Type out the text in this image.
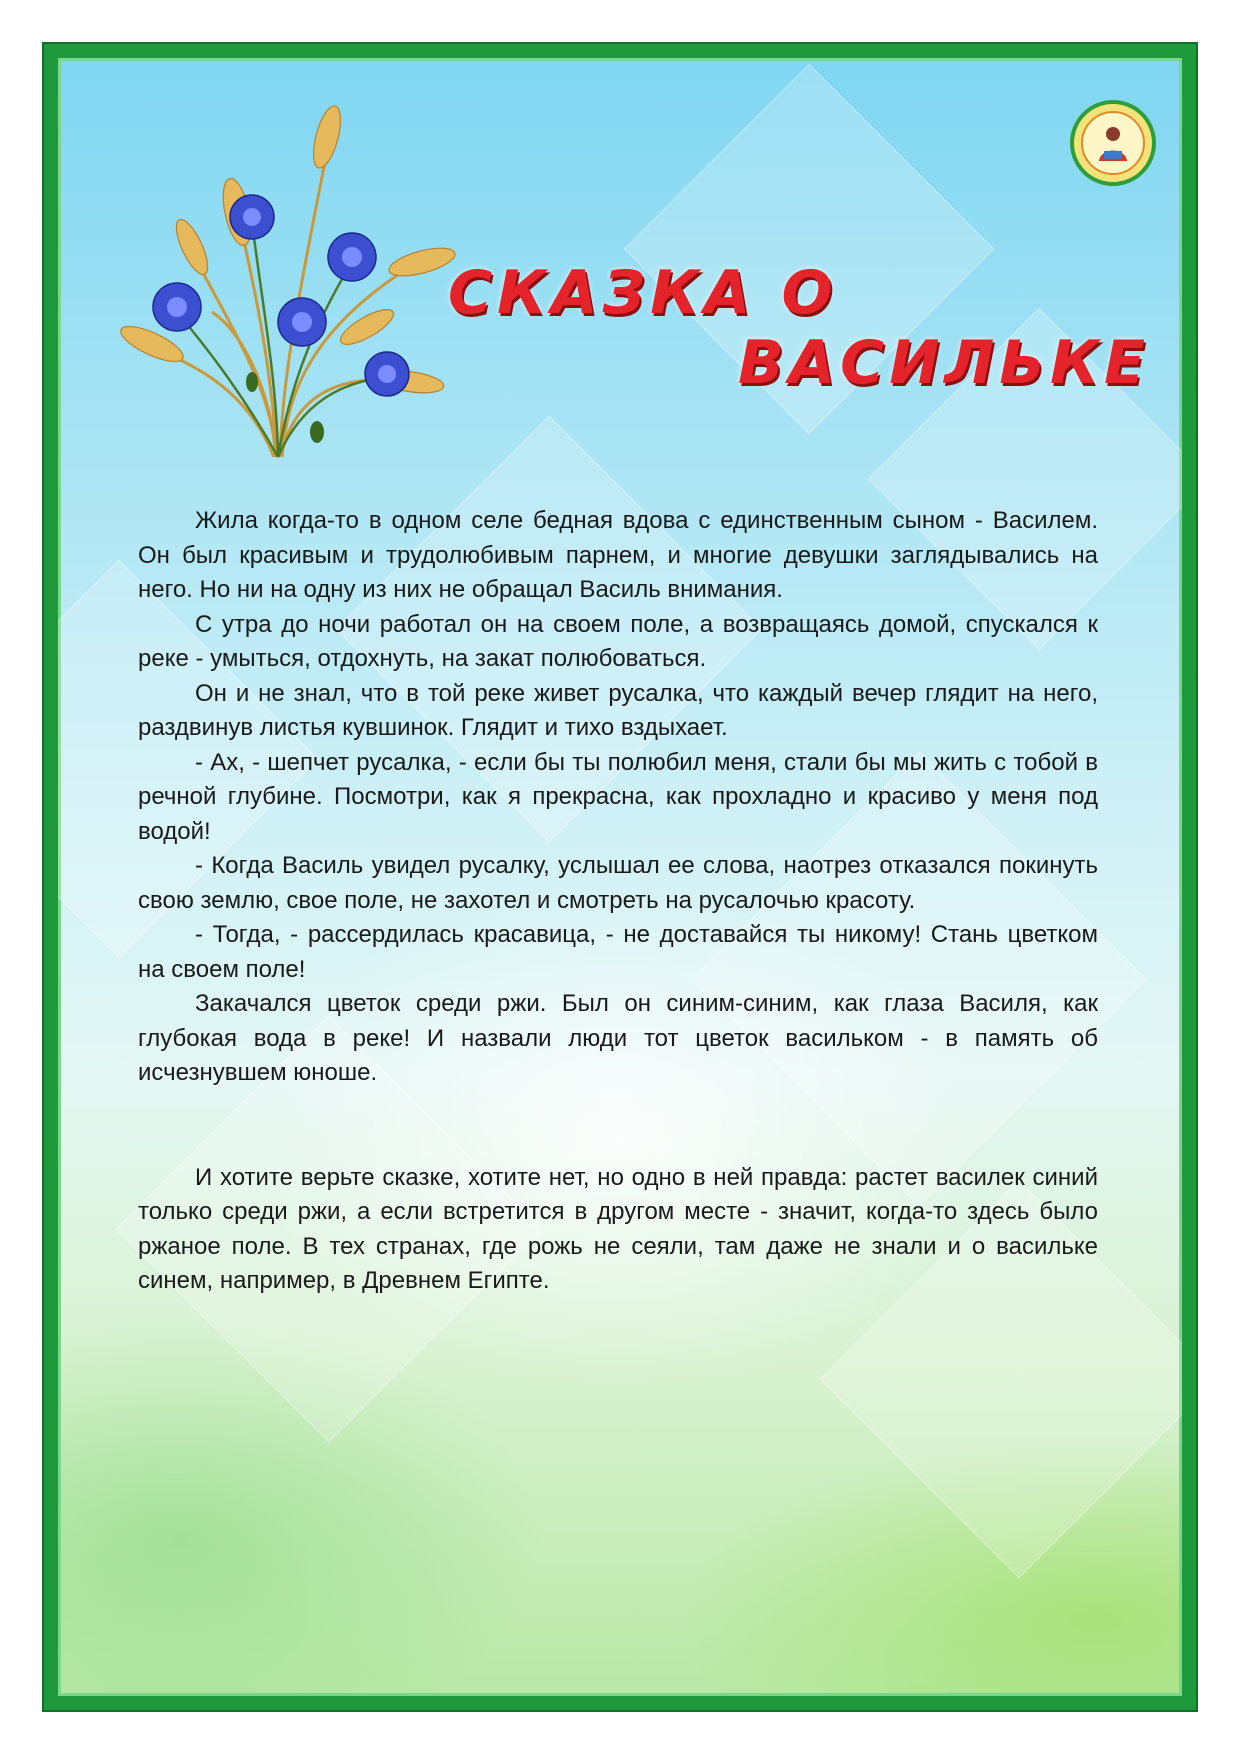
СКАЗКА О
ВАСИЛЬКЕ

Жила когда-то в одном селе бедная вдова с единственным сыном - Василем. Он был красивым и трудолюбивым парнем, и многие девушки заглядывались на него. Но ни на одну из них не обращал Василь внимания.

С утра до ночи работал он на своем поле, а возвращаясь домой, спускался к реке - умыться, отдохнуть, на закат полюбоваться.

Он и не знал, что в той реке живет русалка, что каждый вечер глядит на него, раздвинув листья кувшинок. Глядит и тихо вздыхает.

- Ах, - шепчет русалка, - если бы ты полюбил меня, стали бы мы жить с тобой в речной глубине. Посмотри, как я прекрасна, как прохладно и красиво у меня под водой!

- Когда Василь увидел русалку, услышал ее слова, наотрез отказался покинуть свою землю, свое поле, не захотел и смотреть на русалочью красоту.

- Тогда, - рассердилась красавица, - не доставайся ты никому! Стань цветком на своем поле!

Закачался цветок среди ржи. Был он синим-синим, как глаза Василя, как глубокая вода в реке! И назвали люди тот цветок васильком - в память об исчезнувшем юноше.

И хотите верьте сказке, хотите нет, но одно в ней правда: растет василек синий только среди ржи, а если встретится в другом месте - значит, когда-то здесь было ржаное поле. В тех странах, где рожь не сеяли, там даже не знали и о васильке синем, например, в Древнем Египте.
